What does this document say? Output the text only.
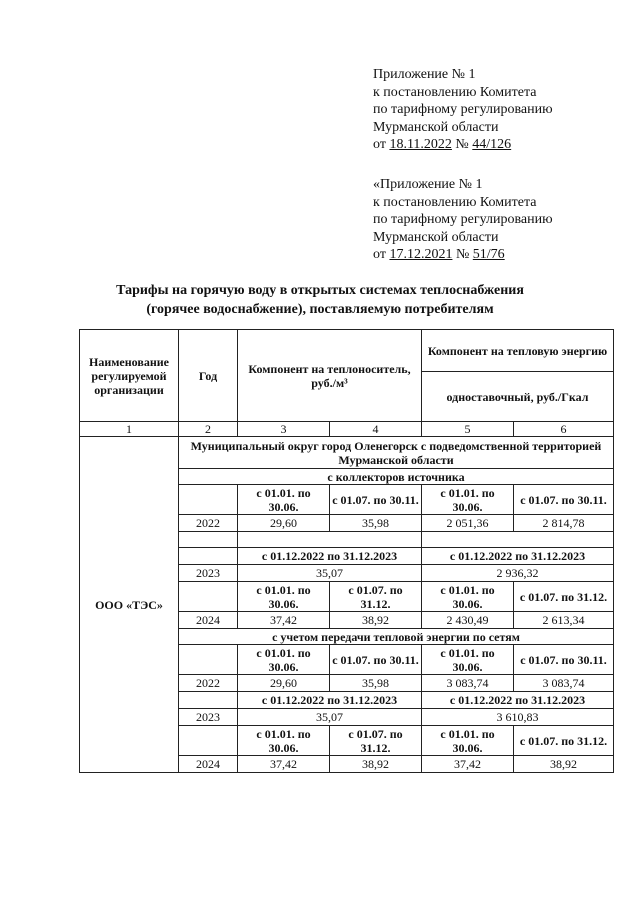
Приложение № 1
к постановлению Комитета
по тарифному регулированию
Мурманской области
от 18.11.2022 № 44/126
«Приложение № 1
к постановлению Комитета
по тарифному регулированию
Мурманской области
от 17.12.2021 № 51/76
Тарифы на горячую воду в открытых системах теплоснабжения
(горячее водоснабжение), поставляемую потребителям
Наименование регулируемой организации	Год	Компонент на теплоноситель, руб./м³		Компонент на тепловую энергию	
				одноставочный, руб./Гкал	
1	2	3	4	5	6
ООО «ТЭС»	Муниципальный округ город Оленегорск с подведомственной территорией Мурманской области				
	с коллекторов источника				
		с 01.01. по 30.06.	с 01.07. по 30.11.	с 01.01. по 30.06.	с 01.07. по 30.11.
	2022	29,60	35,98	2 051,36	2 814,78

		с 01.12.2022 по 31.12.2023		с 01.12.2022 по 31.12.2023	
	2023	35,07		2 936,32	
		с 01.01. по 30.06.	с 01.07. по 31.12.	с 01.01. по 30.06.	с 01.07. по 31.12.
	2024	37,42	38,92	2 430,49	2 613,34
	с учетом передачи тепловой энергии по сетям				
		с 01.01. по 30.06.	с 01.07. по 30.11.	с 01.01. по 30.06.	с 01.07. по 30.11.
	2022	29,60	35,98	3 083,74	3 083,74
		с 01.12.2022 по 31.12.2023		с 01.12.2022 по 31.12.2023	
	2023	35,07		3 610,83	
		с 01.01. по 30.06.	с 01.07. по 31.12.	с 01.01. по 30.06.	с 01.07. по 31.12.
	2024	37,42	38,92	37,42	38,92
